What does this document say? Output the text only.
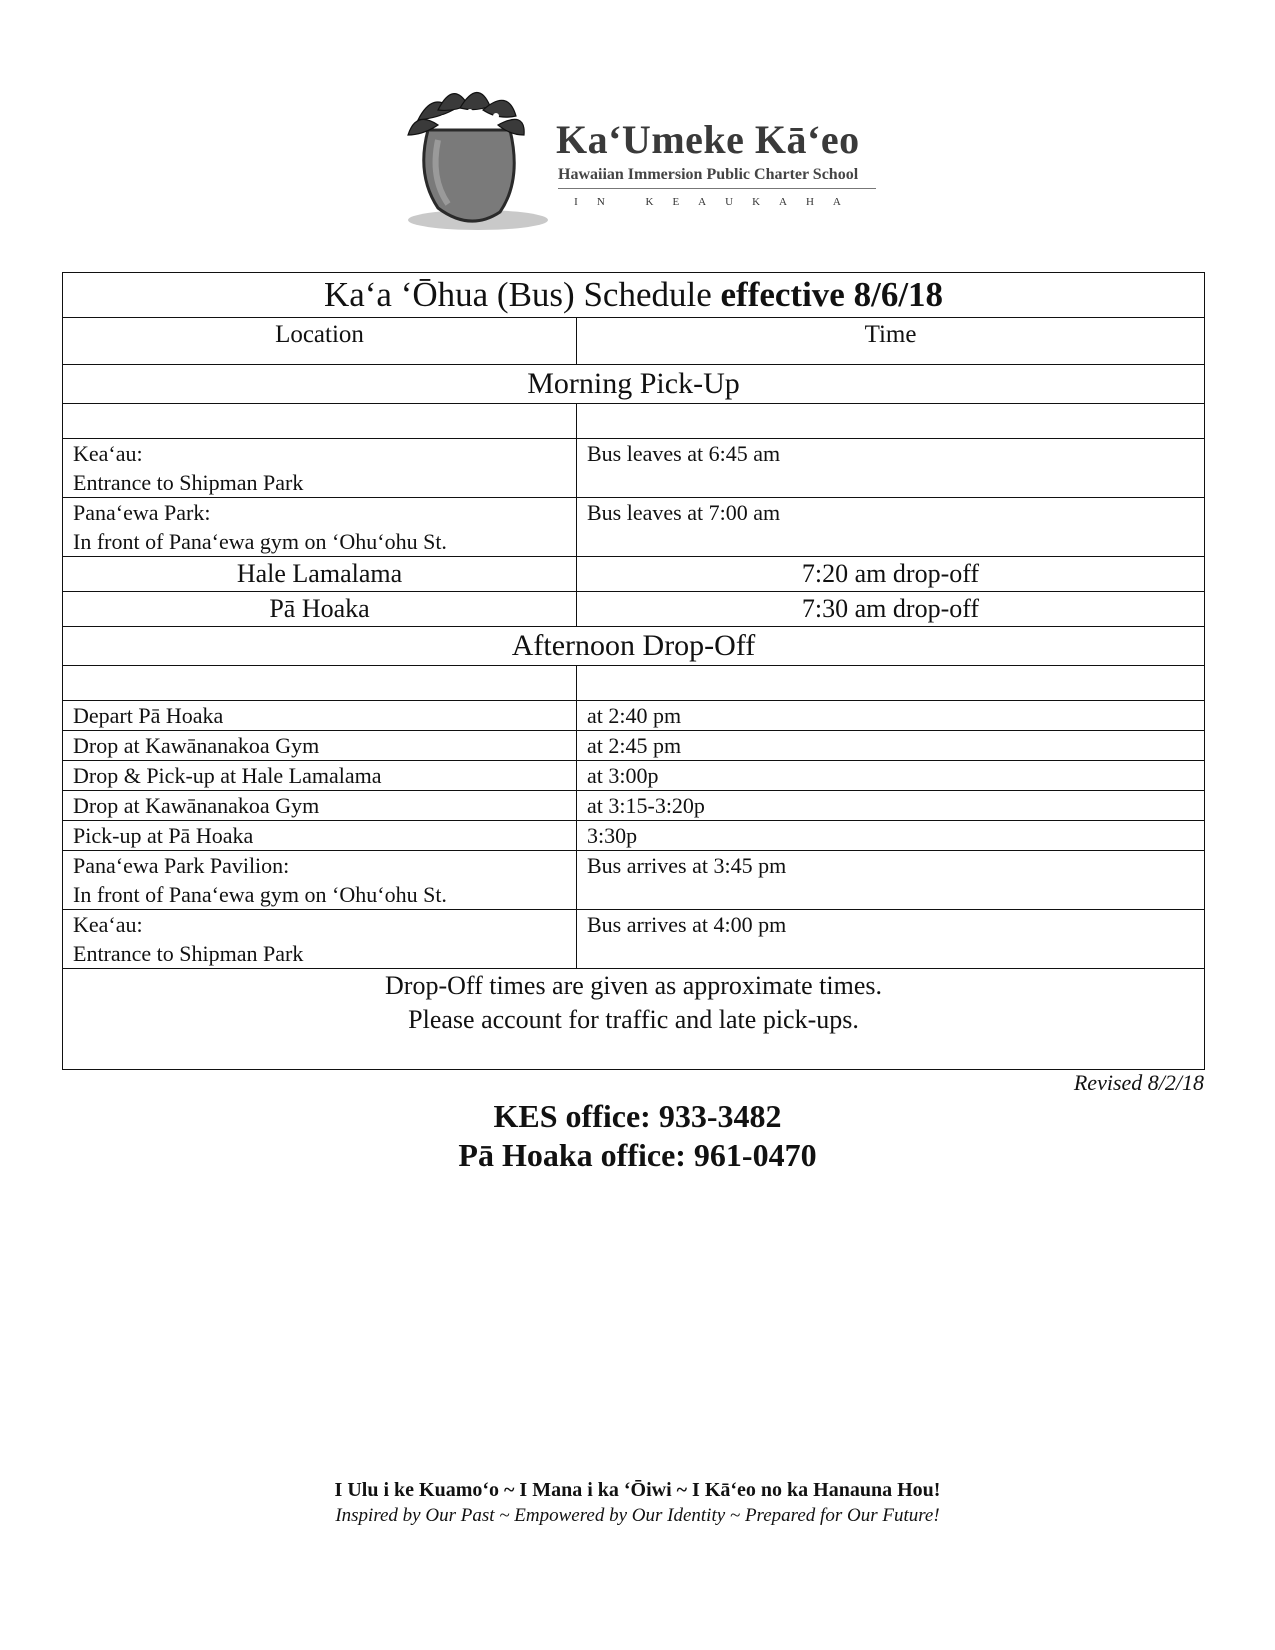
Ka‘Umeke Kā‘eo
Hawaiian Immersion Public Charter School
IN KEAUKAHA
Ka‘a ‘Ōhua (Bus) Schedule effective 8/6/18	
Location	Time
Morning Pick-Up	

Kea‘au:
Entrance to Shipman Park	Bus leaves at 6:45 am
Pana‘ewa Park:
In front of Pana‘ewa gym on ‘Ohu‘ohu St.	Bus leaves at 7:00 am
Hale Lamalama	7:20 am drop-off
Pā Hoaka	7:30 am drop-off
Afternoon Drop-Off	

Depart Pā Hoaka	at 2:40 pm
Drop at Kawānanakoa Gym	at 2:45 pm
Drop & Pick-up at Hale Lamalama	at 3:00p
Drop at Kawānanakoa Gym	at 3:15-3:20p
Pick-up at Pā Hoaka	3:30p
Pana‘ewa Park Pavilion:
In front of Pana‘ewa gym on ‘Ohu‘ohu St.	Bus arrives at 3:45 pm
Kea‘au:
Entrance to Shipman Park	Bus arrives at 4:00 pm
Drop-Off times are given as approximate times.
Please account for traffic and late pick-ups.	
Revised 8/2/18
KES office: 933-3482
Pā Hoaka office: 961-0470
I Ulu i ke Kuamo‘o ~ I Mana i ka ‘Ōiwi ~ I Kā‘eo no ka Hanauna Hou!
Inspired by Our Past ~ Empowered by Our Identity ~ Prepared for Our Future!
